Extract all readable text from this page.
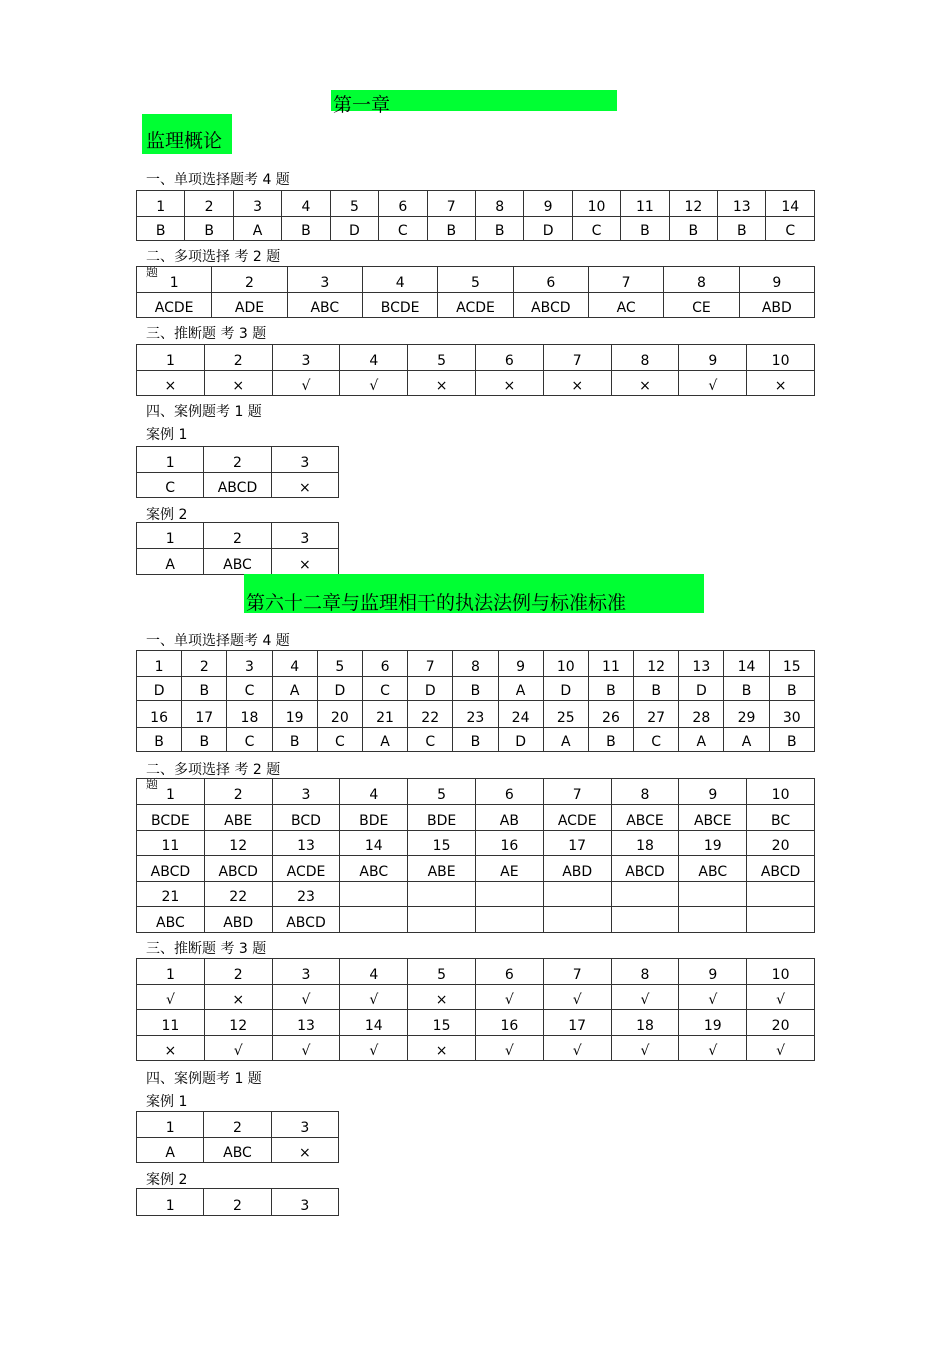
第一章
监理概论
一、单项选择题考 4 题
1	2	3	4	5	6	7	8	9	10	11	12	13	14
B	B	A	B	D	C	B	B	D	C	B	B	B	C
二、多项选择 考 2 题
题
1	2	3	4	5	6	7	8	9
ACDE	ADE	ABC	BCDE	ACDE	ABCD	AC	CE	ABD
三、推断题 考 3 题
1	2	3	4	5	6	7	8	9	10
×	×	√	√	×	×	×	×	√	×
四、案例题考 1 题
案例 1
1	2	3
C	ABCD	×
案例 2
1	2	3
A	ABC	×
第六十二章与监理相干的执法法例与标准标准
一、单项选择题考 4 题
1	2	3	4	5	6	7	8	9	10	11	12	13	14	15
D	B	C	A	D	C	D	B	A	D	B	B	D	B	B
16	17	18	19	20	21	22	23	24	25	26	27	28	29	30
B	B	C	B	C	A	C	B	D	A	B	C	A	A	B
二、多项选择 考 2 题
题
1	2	3	4	5	6	7	8	9	10
BCDE	ABE	BCD	BDE	BDE	AB	ACDE	ABCE	ABCE	BC
11	12	13	14	15	16	17	18	19	20
ABCD	ABCD	ACDE	ABC	ABE	AE	ABD	ABCD	ABC	ABCD
21	22	23							
ABC	ABD	ABCD							
三、推断题 考 3 题
1	2	3	4	5	6	7	8	9	10
√	×	√	√	×	√	√	√	√	√
11	12	13	14	15	16	17	18	19	20
×	√	√	√	×	√	√	√	√	√
四、案例题考 1 题
案例 1
1	2	3
A	ABC	×
案例 2
1	2	3
